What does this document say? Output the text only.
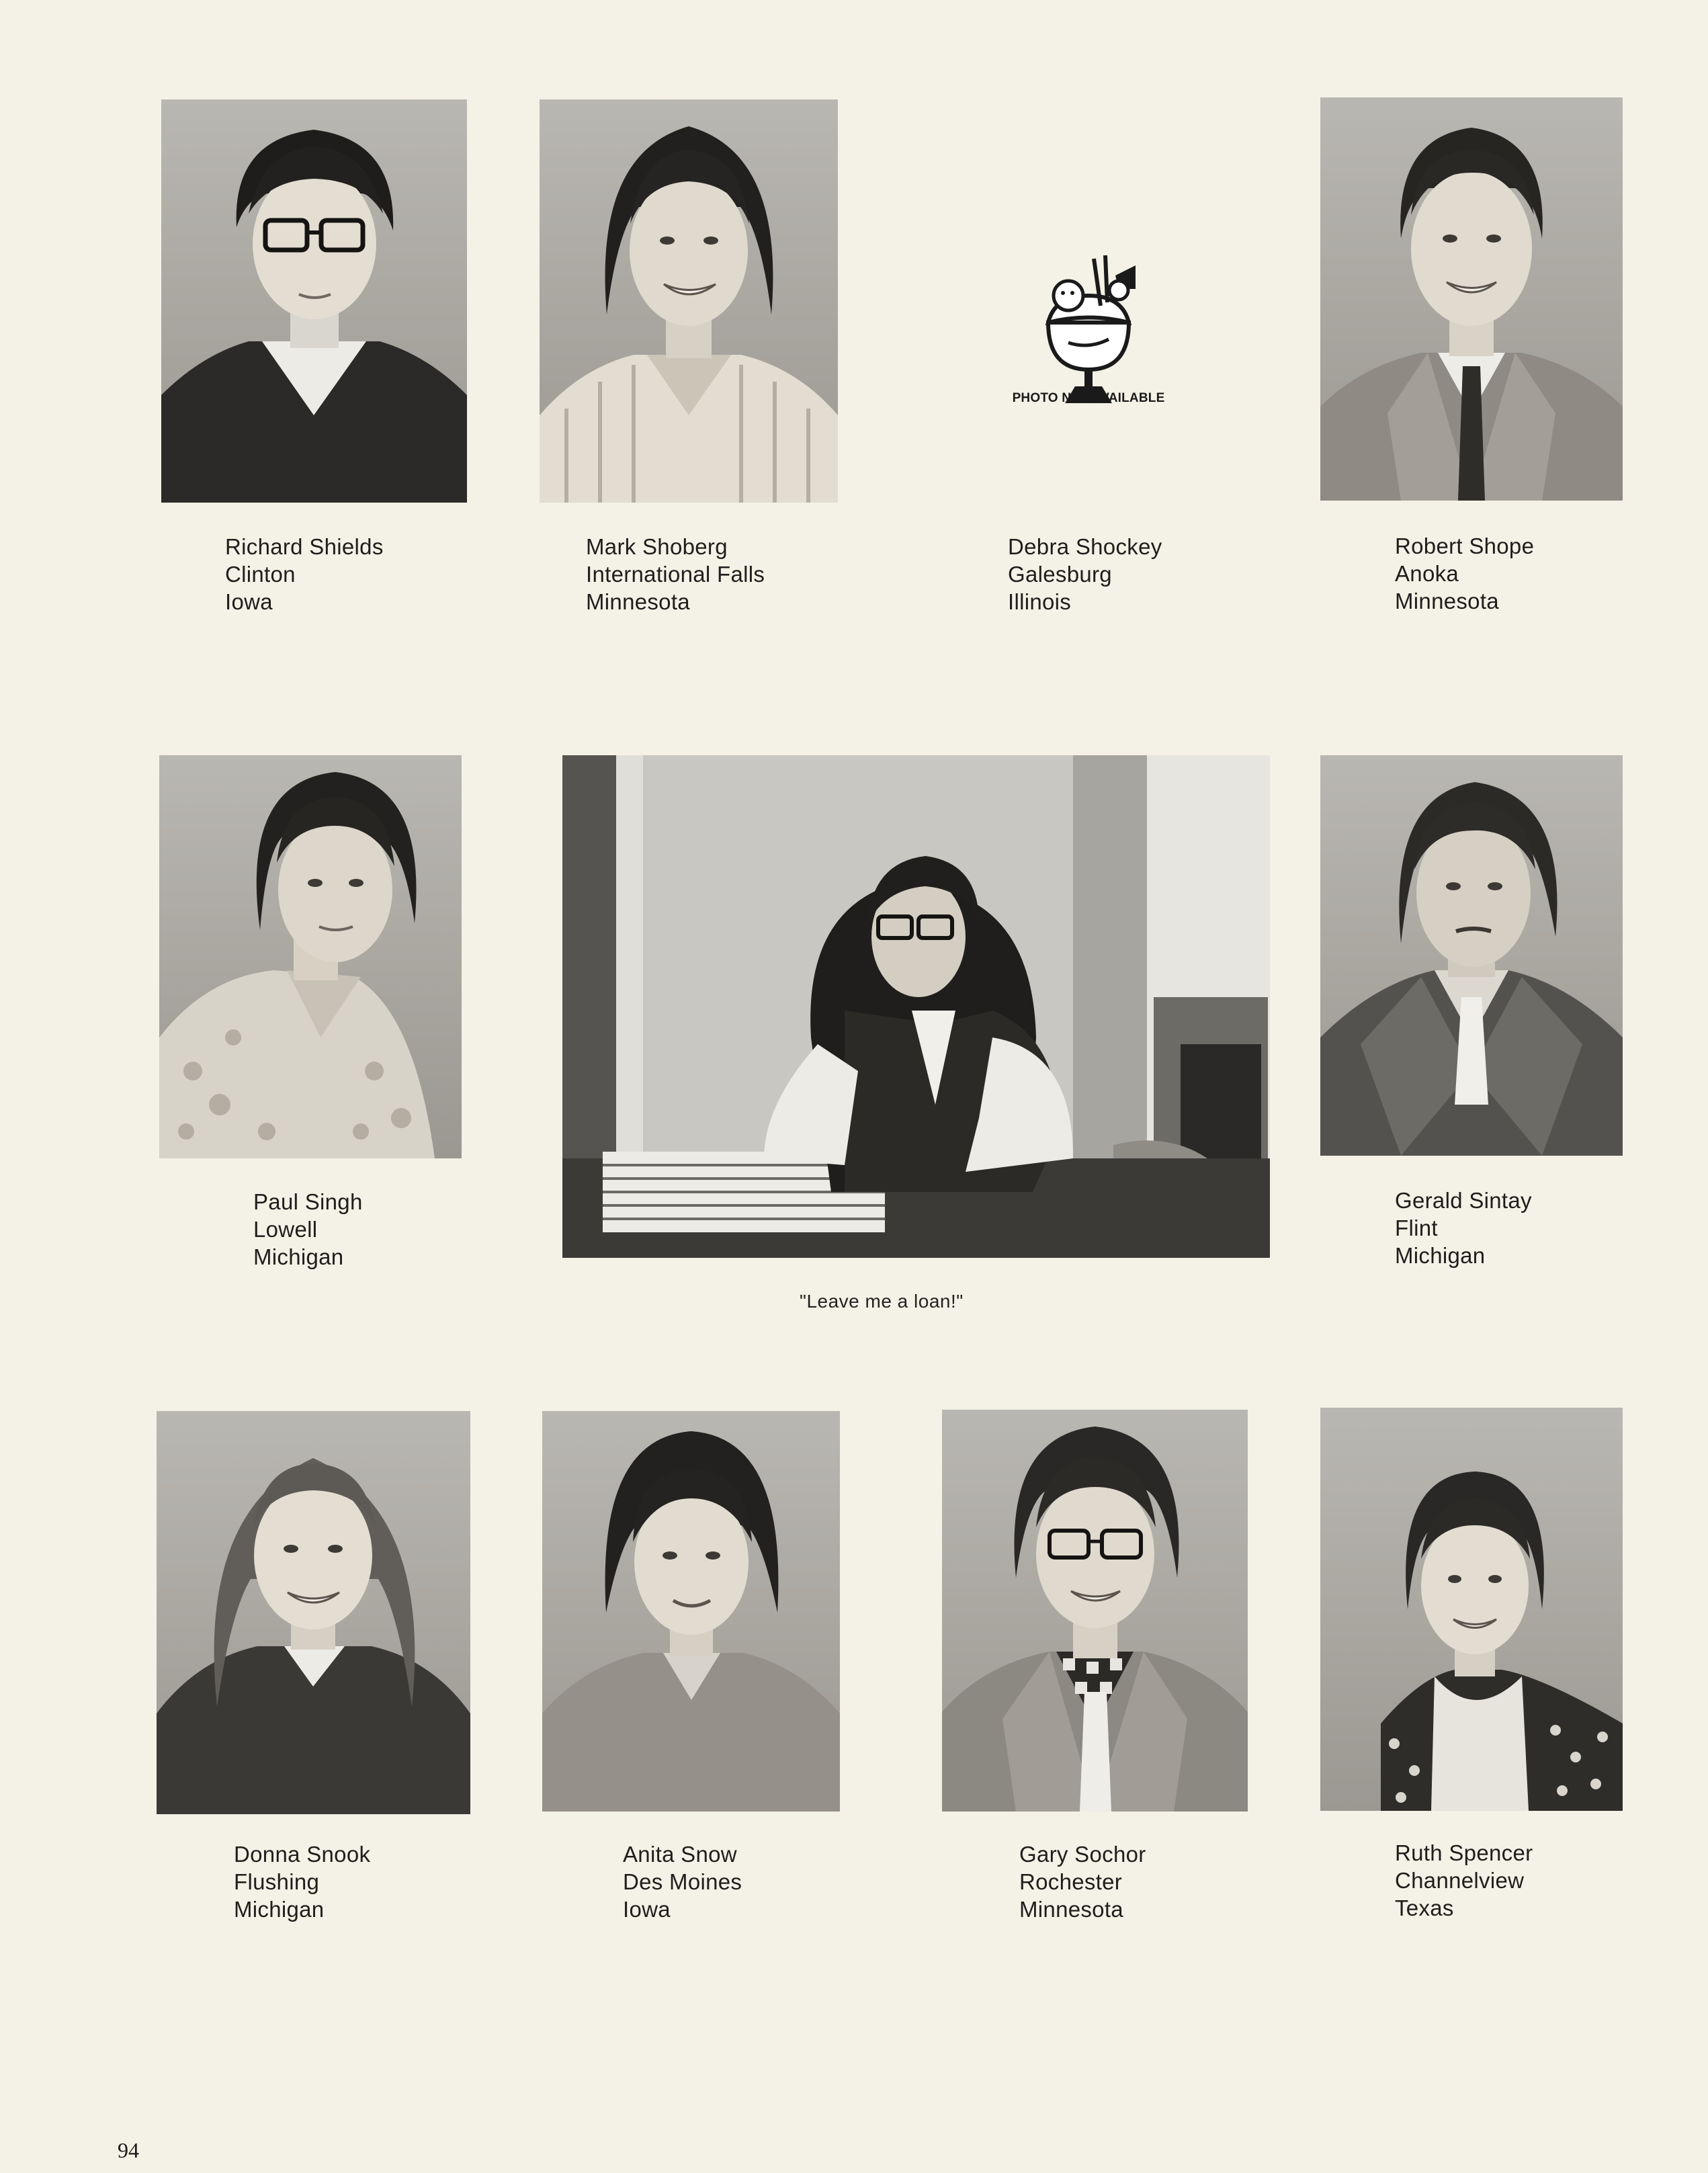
Richard Shields
Clinton
Iowa
Mark Shoberg
International Falls
Minnesota
PHOTO NOT AVAILABLE
Debra Shockey
Galesburg
Illinois
Robert Shope
Anoka
Minnesota
Paul Singh
Lowell
Michigan
"Leave me a loan!"
Gerald Sintay
Flint
Michigan
Donna Snook
Flushing
Michigan
Anita Snow
Des Moines
Iowa
Gary Sochor
Rochester
Minnesota
Ruth Spencer
Channelview
Texas
94
